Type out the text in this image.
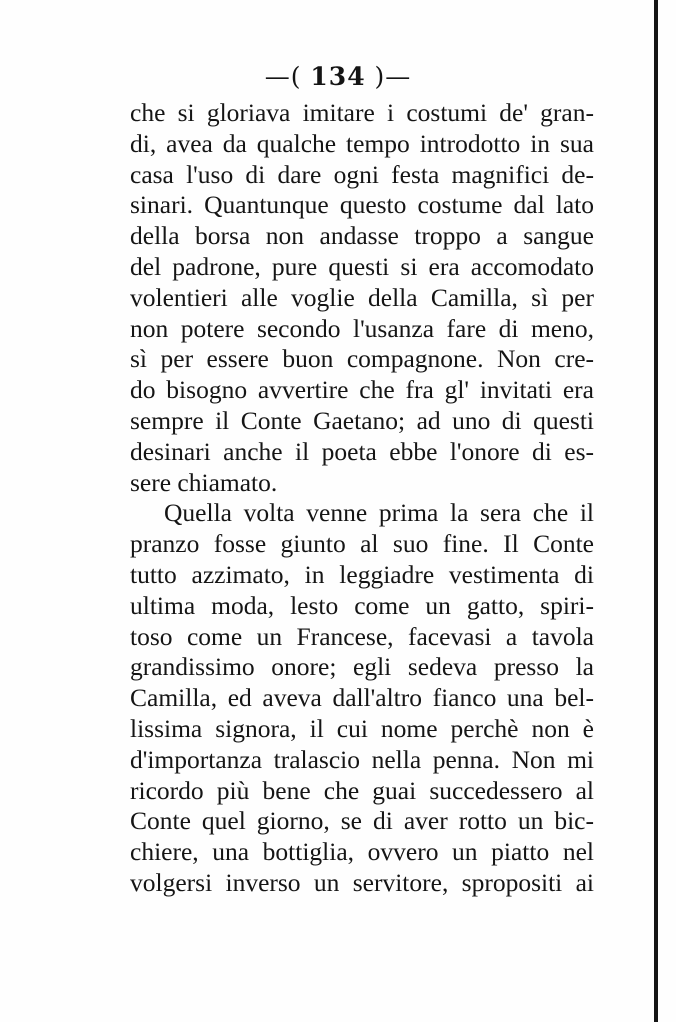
—( 134 )—
che si gloriava imitare i costumi de' gran-
di, avea da qualche tempo introdotto in sua
casa l'uso di dare ogni festa magnifici de-
sinari. Quantunque questo costume dal lato
della borsa non andasse troppo a sangue
del padrone, pure questi si era accomodato
volentieri alle voglie della Camilla, sì per
non potere secondo l'usanza fare di meno,
sì per essere buon compagnone. Non cre-
do bisogno avvertire che fra gl' invitati era
sempre il Conte Gaetano; ad uno di questi
desinari anche il poeta ebbe l'onore di es-
sere chiamato.
Quella volta venne prima la sera che il
pranzo fosse giunto al suo fine. Il Conte
tutto azzimato, in leggiadre vestimenta di
ultima moda, lesto come un gatto, spiri-
toso come un Francese, facevasi a tavola
grandissimo onore; egli sedeva presso la
Camilla, ed aveva dall'altro fianco una bel-
lissima signora, il cui nome perchè non è
d'importanza tralascio nella penna. Non mi
ricordo più bene che guai succedessero al
Conte quel giorno, se di aver rotto un bic-
chiere, una bottiglia, ovvero un piatto nel
volgersi inverso un servitore, spropositi ai
